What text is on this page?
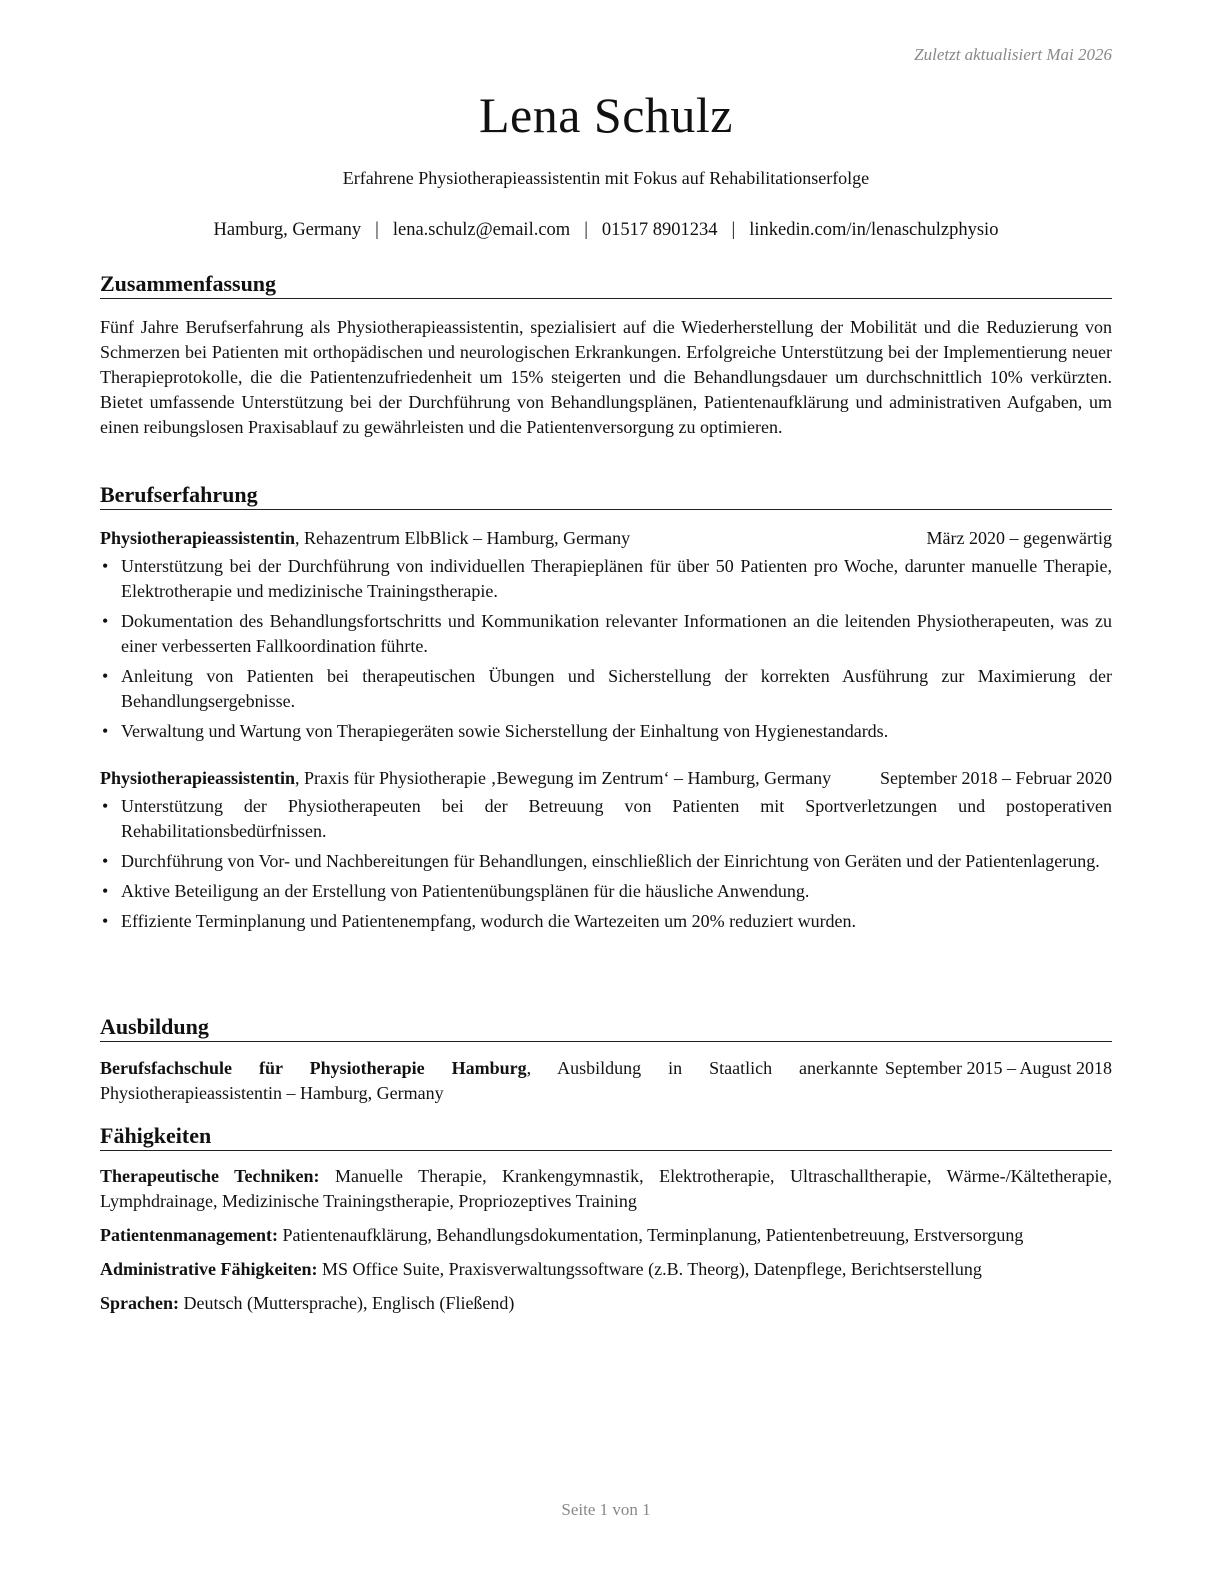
Zuletzt aktualisiert Mai 2026
Lena Schulz
Erfahrene Physiotherapieassistentin mit Fokus auf Rehabilitationserfolge
Hamburg, Germany | lena.schulz@email.com | 01517 8901234 | linkedin.com/in/lenaschulzphysio
Zusammenfassung
Fünf Jahre Berufserfahrung als Physiotherapieassistentin, spezialisiert auf die Wiederherstellung der Mobilität und die Reduzierung von Schmerzen bei Patienten mit orthopädischen und neurologischen Erkrankungen. Erfolgreiche Unterstützung bei der Implementierung neuer Therapieprotokolle, die die Patientenzufriedenheit um 15% steigerten und die Behandlungsdauer um durchschnittlich 10% verkürzten. Bietet umfassende Unterstützung bei der Durchführung von Behandlungsplänen, Patientenaufklärung und administrativen Aufgaben, um einen reibungslosen Praxisablauf zu gewährleisten und die Patientenversorgung zu optimieren.
Berufserfahrung
Physiotherapieassistentin, Rehazentrum ElbBlick – Hamburg, Germany	März 2020 – gegenwärtig
• Unterstützung bei der Durchführung von individuellen Therapieplänen für über 50 Patienten pro Woche, darunter manuelle Therapie, Elektrotherapie und medizinische Trainingstherapie.
• Dokumentation des Behandlungsfortschritts und Kommunikation relevanter Informationen an die leitenden Physiotherapeuten, was zu einer verbesserten Fallkoordination führte.
• Anleitung von Patienten bei therapeutischen Übungen und Sicherstellung der korrekten Ausführung zur Maximierung der Behandlungsergebnisse.
• Verwaltung und Wartung von Therapiegeräten sowie Sicherstellung der Einhaltung von Hygienestandards.
Physiotherapieassistentin, Praxis für Physiotherapie ‚Bewegung im Zentrum‘ – Hamburg, Germany	September 2018 – Februar 2020
• Unterstützung der Physiotherapeuten bei der Betreuung von Patienten mit Sportverletzungen und postoperativen Rehabilitationsbedürfnissen.
• Durchführung von Vor- und Nachbereitungen für Behandlungen, einschließlich der Einrichtung von Geräten und der Patientenlagerung.
• Aktive Beteiligung an der Erstellung von Patientenübungsplänen für die häusliche Anwendung.
• Effiziente Terminplanung und Patientenempfang, wodurch die Wartezeiten um 20% reduziert wurden.
Ausbildung
Berufsfachschule für Physiotherapie Hamburg, Ausbildung in Staatlich anerkannte Physiotherapieassistentin – Hamburg, Germany
September 2015 – August 2018
Fähigkeiten
Therapeutische Techniken: Manuelle Therapie, Krankengymnastik, Elektrotherapie, Ultraschalltherapie, Wärme-/Kältetherapie, Lymphdrainage, Medizinische Trainingstherapie, Propriozeptives Training
Patientenmanagement: Patientenaufklärung, Behandlungsdokumentation, Terminplanung, Patientenbetreuung, Erstversorgung
Administrative Fähigkeiten: MS Office Suite, Praxisverwaltungssoftware (z.B. Theorg), Datenpflege, Berichtserstellung
Sprachen: Deutsch (Muttersprache), Englisch (Fließend)
Seite 1 von 1
